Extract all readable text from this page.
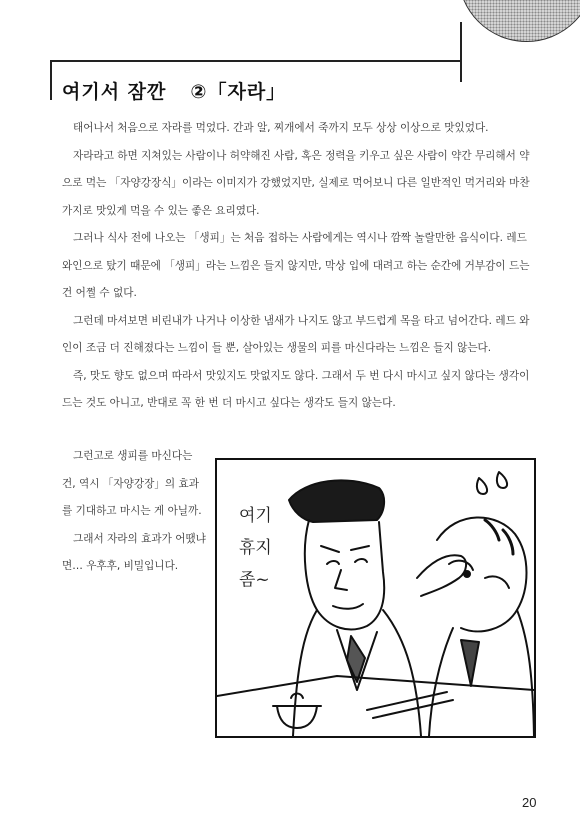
여기서 잠깐 ②「자라」

태어나서 처음으로 자라를 먹었다. 간과 알, 찌개에서 죽까지 모두 상상 이상으로 맛있었다.

자라라고 하면 지쳐있는 사람이나 허약해진 사람, 혹은 정력을 키우고 싶은 사람이 약간 무리해서 약으로 먹는 「자양강장식」이라는 이미지가 강했었지만, 실제로 먹어보니 다른 일반적인 먹거리와 마찬가지로 맛있게 먹을 수 있는 좋은 요리였다.

그러나 식사 전에 나오는 「생피」는 처음 접하는 사람에게는 역시나 깜짝 놀랄만한 음식이다. 레드 와인으로 탔기 때문에 「생피」라는 느낌은 들지 않지만, 막상 입에 대려고 하는 순간에 거부감이 드는 건 어쩔 수 없다.

그런데 마셔보면 비린내가 나거나 이상한 냄새가 나지도 않고 부드럽게 목을 타고 넘어간다. 레드 와인이 조금 더 진해졌다는 느낌이 들 뿐, 살아있는 생물의 피를 마신다라는 느낌은 들지 않는다.

즉, 맛도 향도 없으며 따라서 맛있지도 맛없지도 않다. 그래서 두 번 다시 마시고 싶지 않다는 생각이 드는 것도 아니고, 반대로 꼭 한 번 더 마시고 싶다는 생각도 들지 않는다.

그런고로 생피를 마신다는 건, 역시 「자양강장」의 효과를 기대하고 마시는 게 아닐까.

그래서 자라의 효과가 어땠냐면… 우후후, 비밀입니다.

여기
휴지
좀~
20
